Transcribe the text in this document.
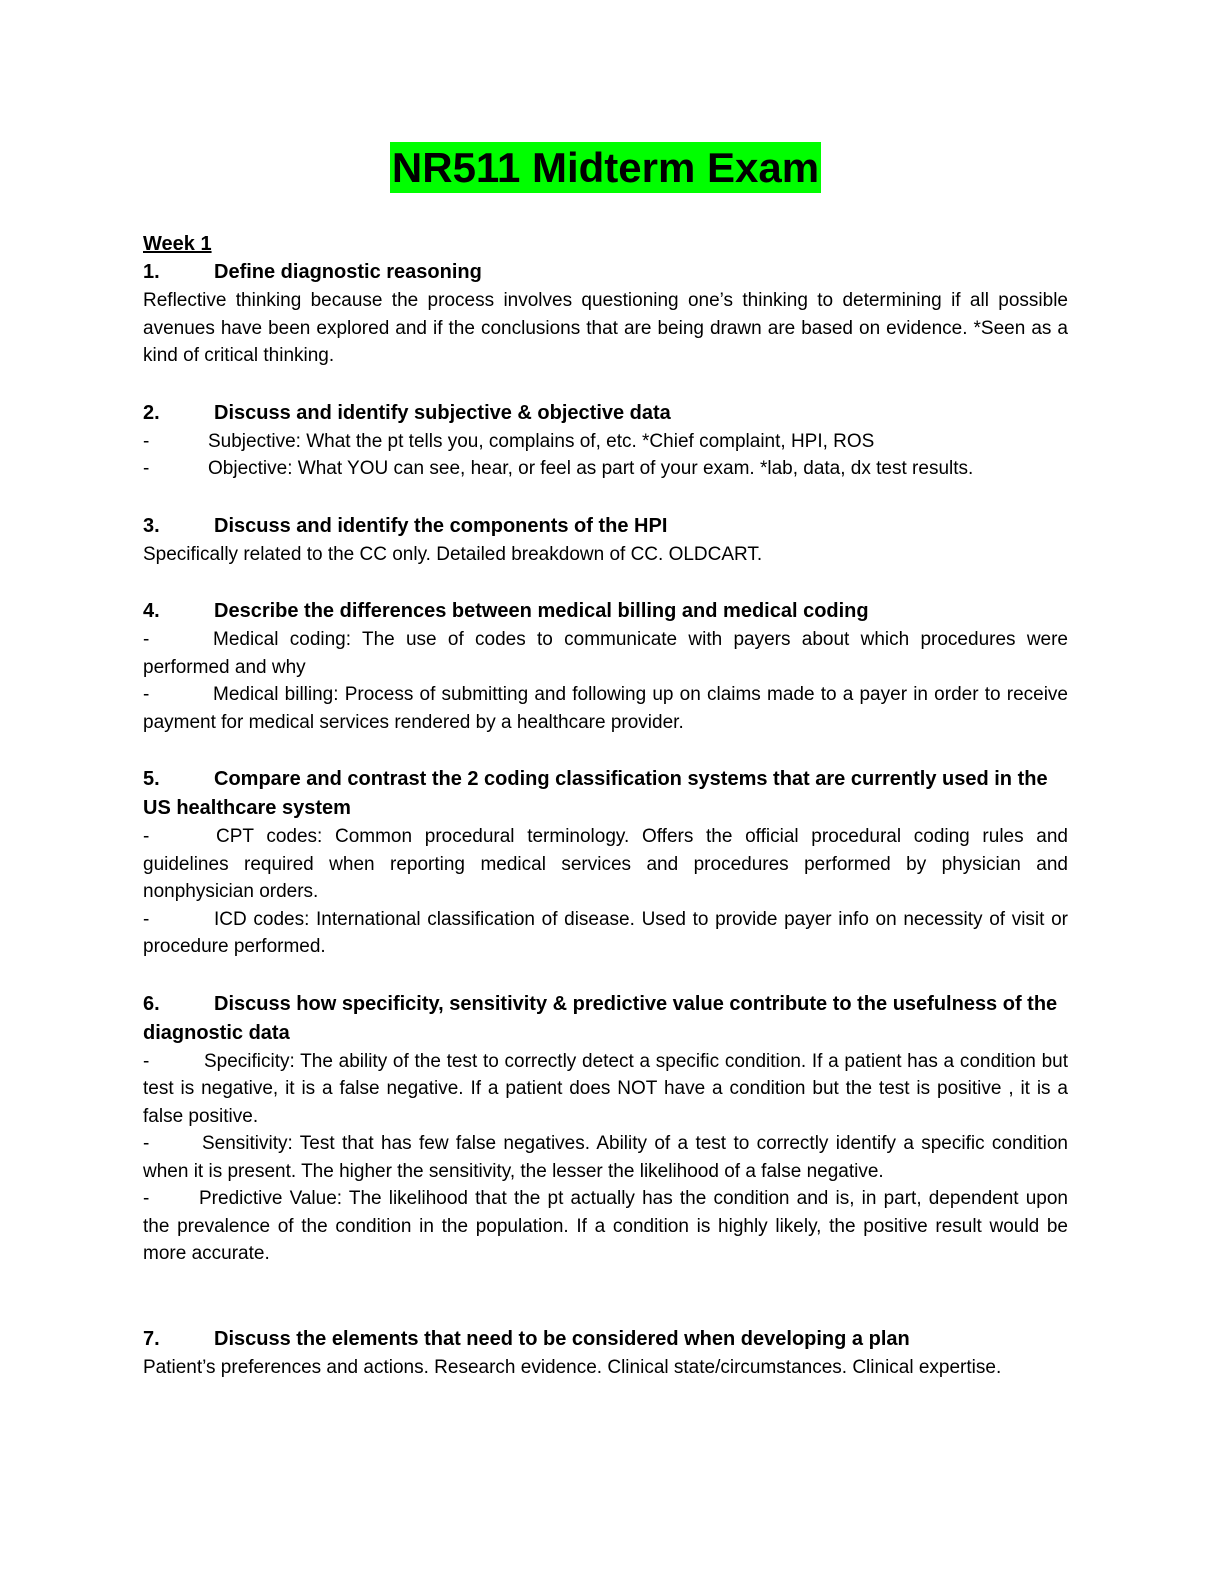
NR511 Midterm Exam
Week 1
1.	Define diagnostic reasoning
Reflective thinking because the process involves questioning one’s thinking to determining if all possible avenues have been explored and if the conclusions that are being drawn are based on evidence. *Seen as a kind of critical thinking.
2.	Discuss and identify subjective & objective data
-	Subjective: What the pt tells you, complains of, etc. *Chief complaint, HPI, ROS
-	Objective: What YOU can see, hear, or feel as part of your exam. *lab, data, dx test results.
3.	Discuss and identify the components of the HPI
Specifically related to the CC only. Detailed breakdown of CC. OLDCART.
4.	Describe the differences between medical billing and medical coding
-	Medical coding: The use of codes to communicate with payers about which procedures were performed and why
-	Medical billing: Process of submitting and following up on claims made to a payer in order to receive payment for medical services rendered by a healthcare provider.
5.	Compare and contrast the 2 coding classification systems that are currently used in the US healthcare system
-	CPT codes: Common procedural terminology. Offers the official procedural coding rules and guidelines required when reporting medical services and procedures performed by physician and nonphysician orders.
-	ICD codes: International classification of disease. Used to provide payer info on necessity of visit or procedure performed.
6.	Discuss how specificity, sensitivity & predictive value contribute to the usefulness of the diagnostic data
-	Specificity: The ability of the test to correctly detect a specific condition. If a patient has a condition but test is negative, it is a false negative. If a patient does NOT have a condition but the test is positive , it is a false positive.
-	Sensitivity: Test that has few false negatives. Ability of a test to correctly identify a specific condition when it is present. The higher the sensitivity, the lesser the likelihood of a false negative.
-	Predictive Value: The likelihood that the pt actually has the condition and is, in part, dependent upon the prevalence of the condition in the population. If a condition is highly likely, the positive result would be more accurate.
7.	Discuss the elements that need to be considered when developing a plan
Patient’s preferences and actions. Research evidence. Clinical state/circumstances. Clinical expertise.
